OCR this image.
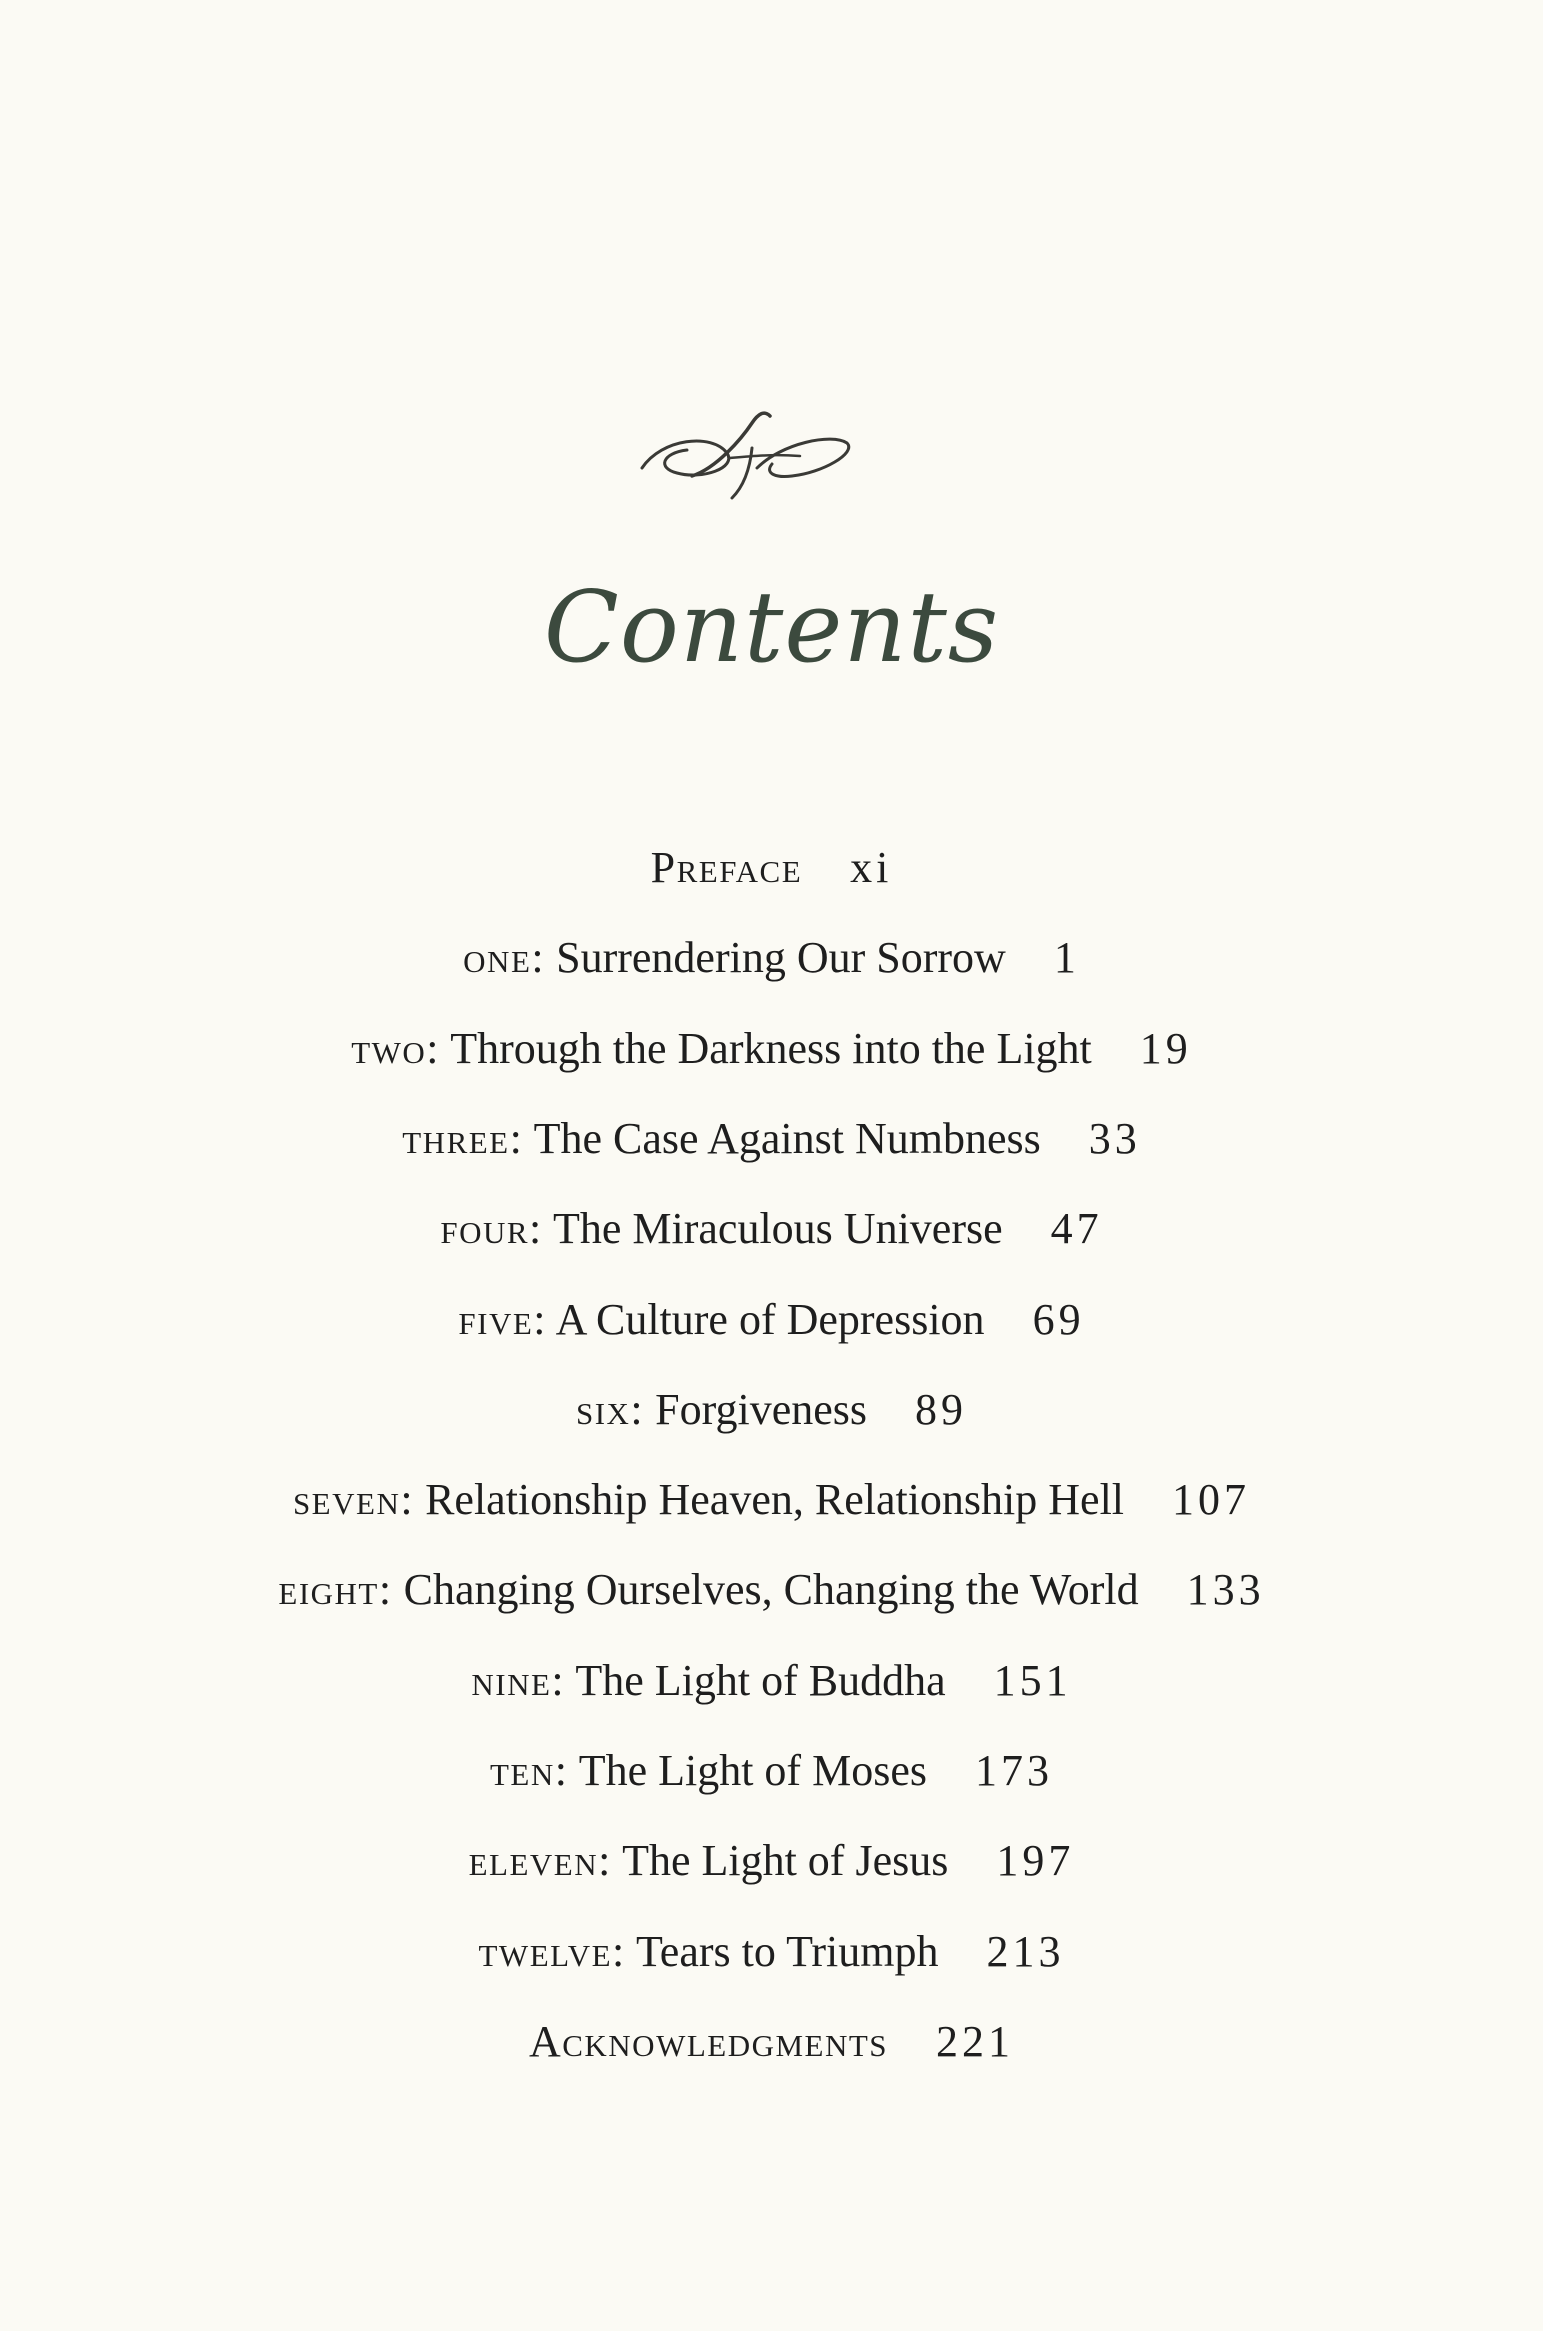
Contents
Preface xi
one: Surrendering Our Sorrow 1
two: Through the Darkness into the Light 19
three: The Case Against Numbness 33
four: The Miraculous Universe 47
five: A Culture of Depression 69
six: Forgiveness 89
seven: Relationship Heaven, Relationship Hell 107
eight: Changing Ourselves, Changing the World 133
nine: The Light of Buddha 151
ten: The Light of Moses 173
eleven: The Light of Jesus 197
twelve: Tears to Triumph 213
Acknowledgments 221
